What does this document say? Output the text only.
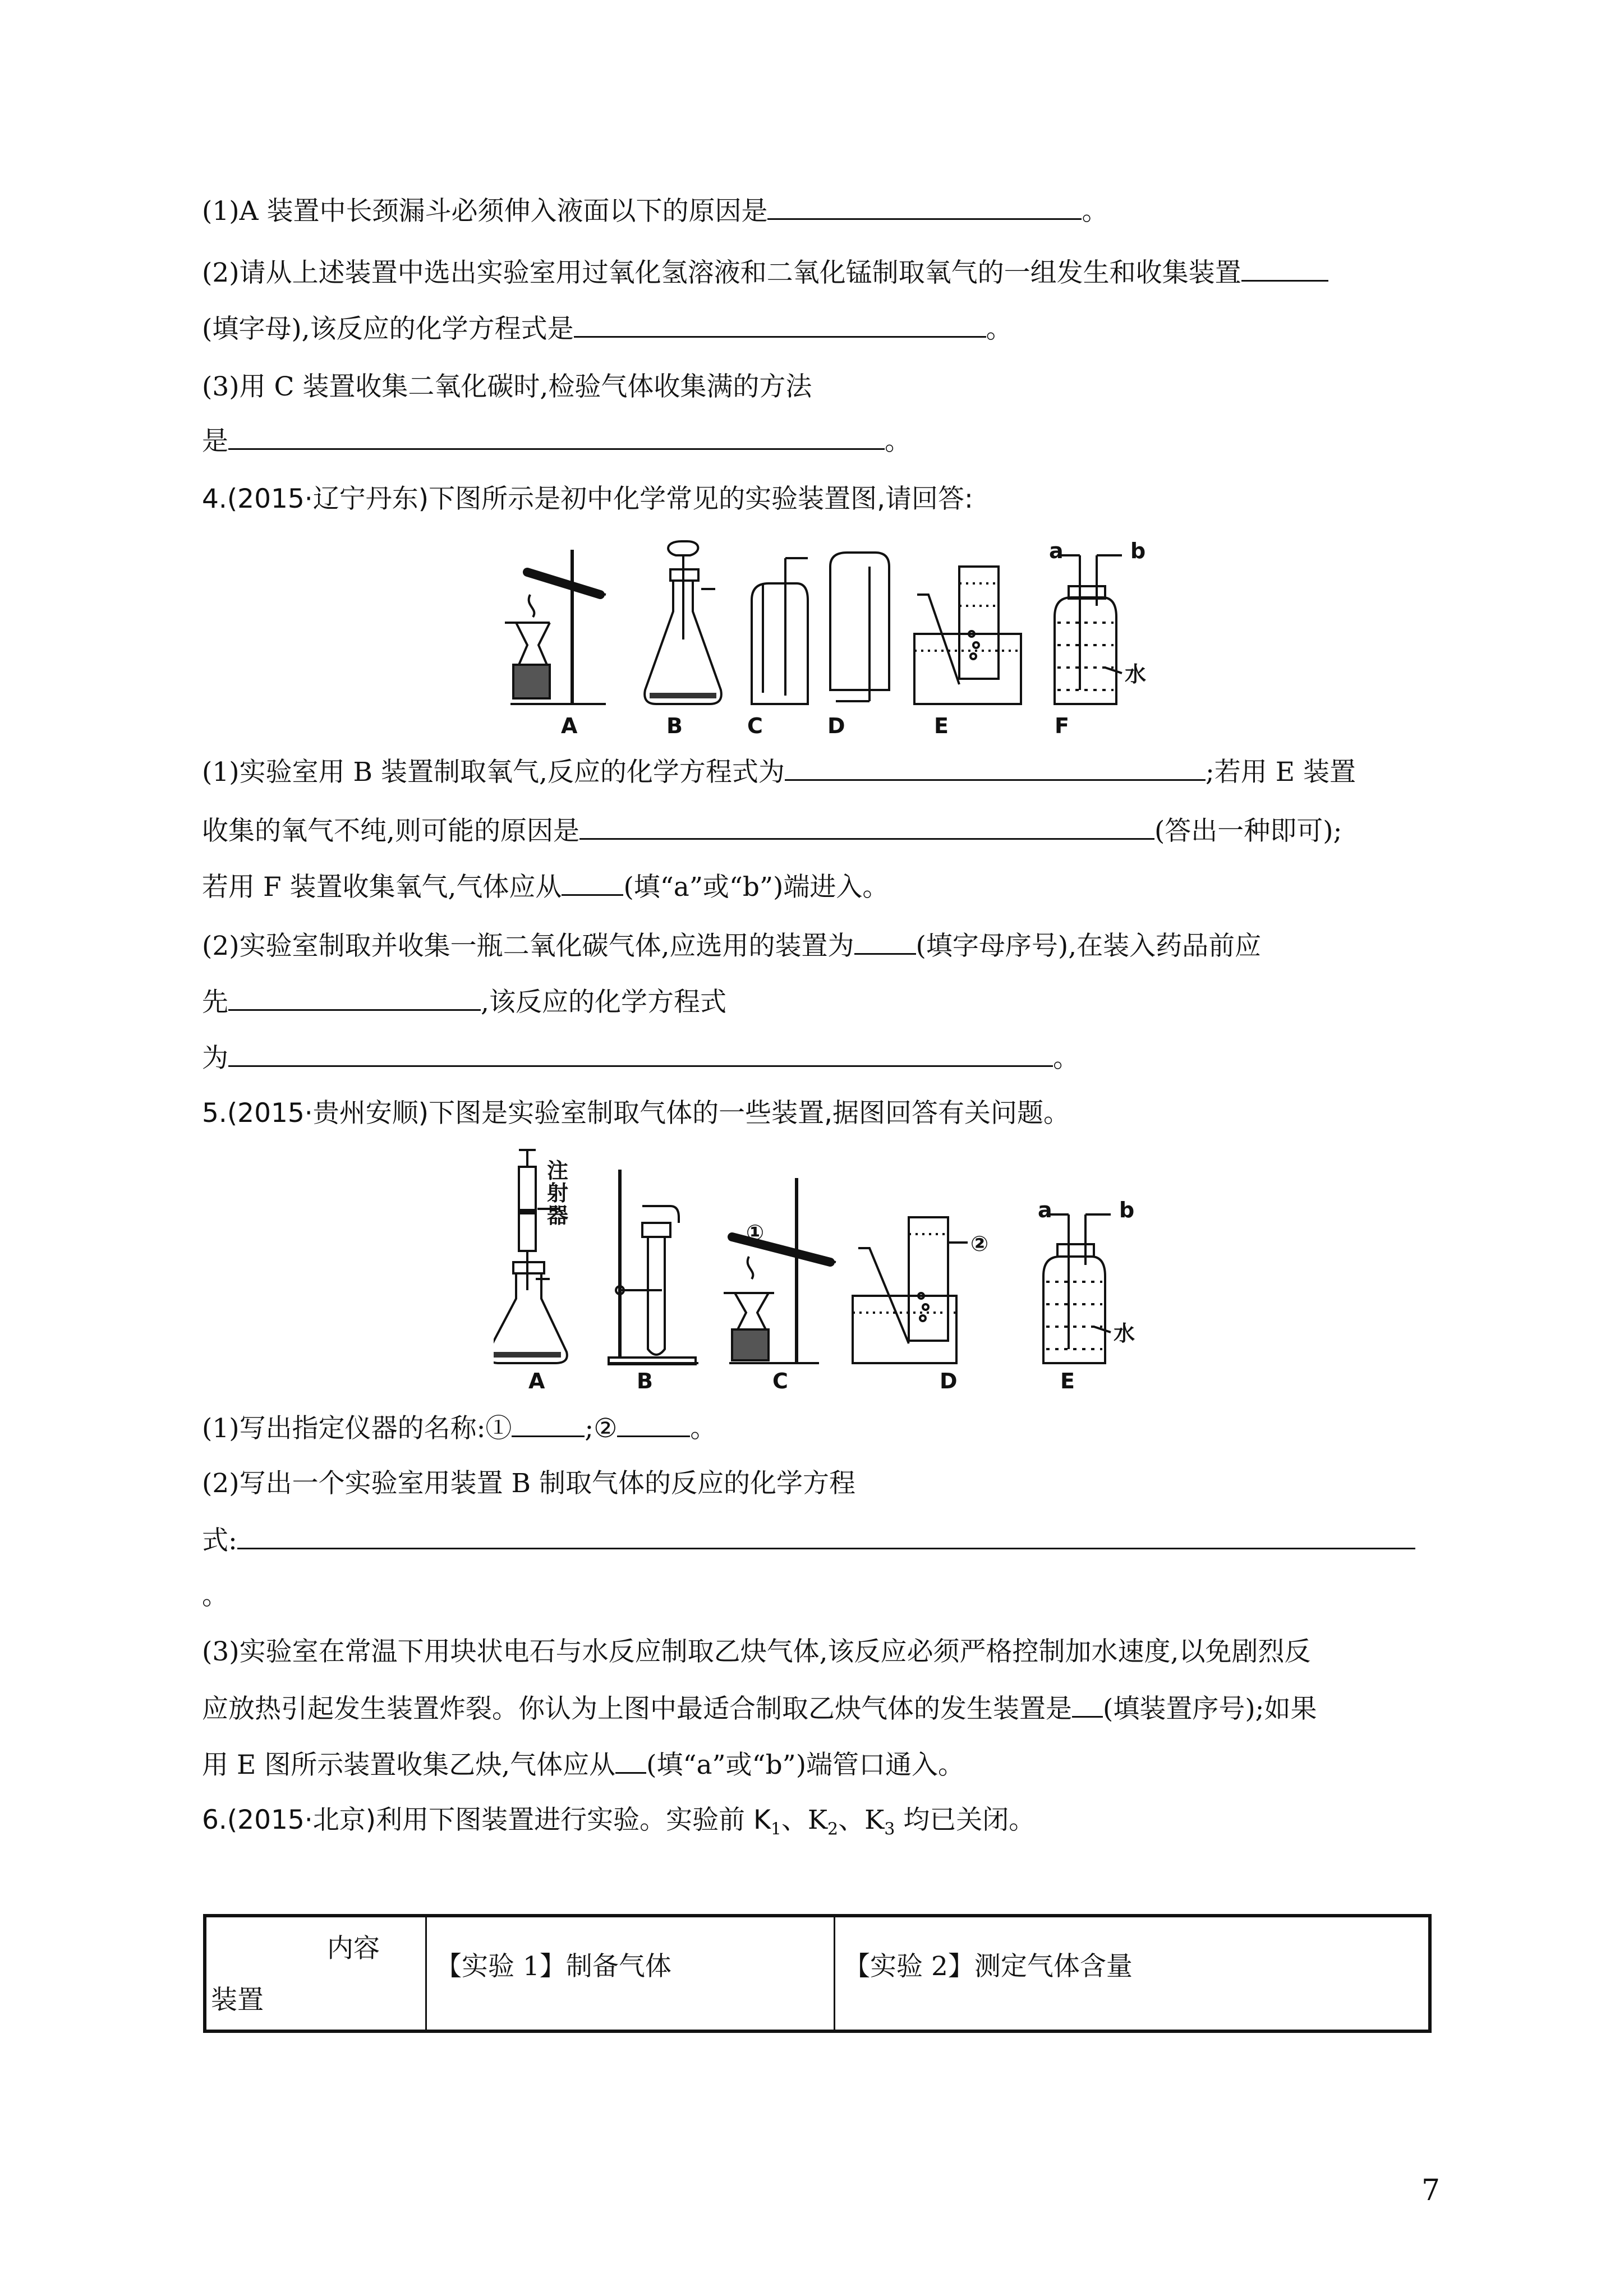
(1)A 装置中长颈漏斗必须伸入液面以下的原因是	。
(2)请从上述装置中选出实验室用过氧化氢溶液和二氧化锰制取氧气的一组发生和收集装置
(填字母),该反应的化学方程式是	。
(3)用 C 装置收集二氧化碳时,检验气体收集满的方法
是	。
4.(2015·辽宁丹东)下图所示是初中化学常见的实验装置图,请回答:
a	b
水
A	B	C	D	E	F
(1)实验室用 B 装置制取氧气,反应的化学方程式为	;若用 E 装置
收集的氧气不纯,则可能的原因是	(答出一种即可);
若用 F 装置收集氧气,气体应从 (填“a”或“b”)端进入。
(2)实验室制取并收集一瓶二氧化碳气体,应选用的装置为 (填字母序号),在装入药品前应
先	,该反应的化学方程式
为	。
5.(2015·贵州安顺)下图是实验室制取气体的一些装置,据图回答有关问题。
注
射
器
①	②
a	b
水
A	B	C	D	E
(1)写出指定仪器的名称:①	;②	。
(2)写出一个实验室用装置 B 制取气体的反应的化学方程
式:
。
(3)实验室在常温下用块状电石与水反应制取乙炔气体,该反应必须严格控制加水速度,以免剧烈反
应放热引起发生装置炸裂。你认为上图中最适合制取乙炔气体的发生装置是 (填装置序号);如果
用 E 图所示装置收集乙炔,气体应从 (填“a”或“b”)端管口通入。
6.(2015·北京)利用下图装置进行实验。实验前 $K_1$、$K_2$、$K_3$ 均已关闭。
内容
装置
【实验 1】制备气体	【实验 2】测定气体含量
7
